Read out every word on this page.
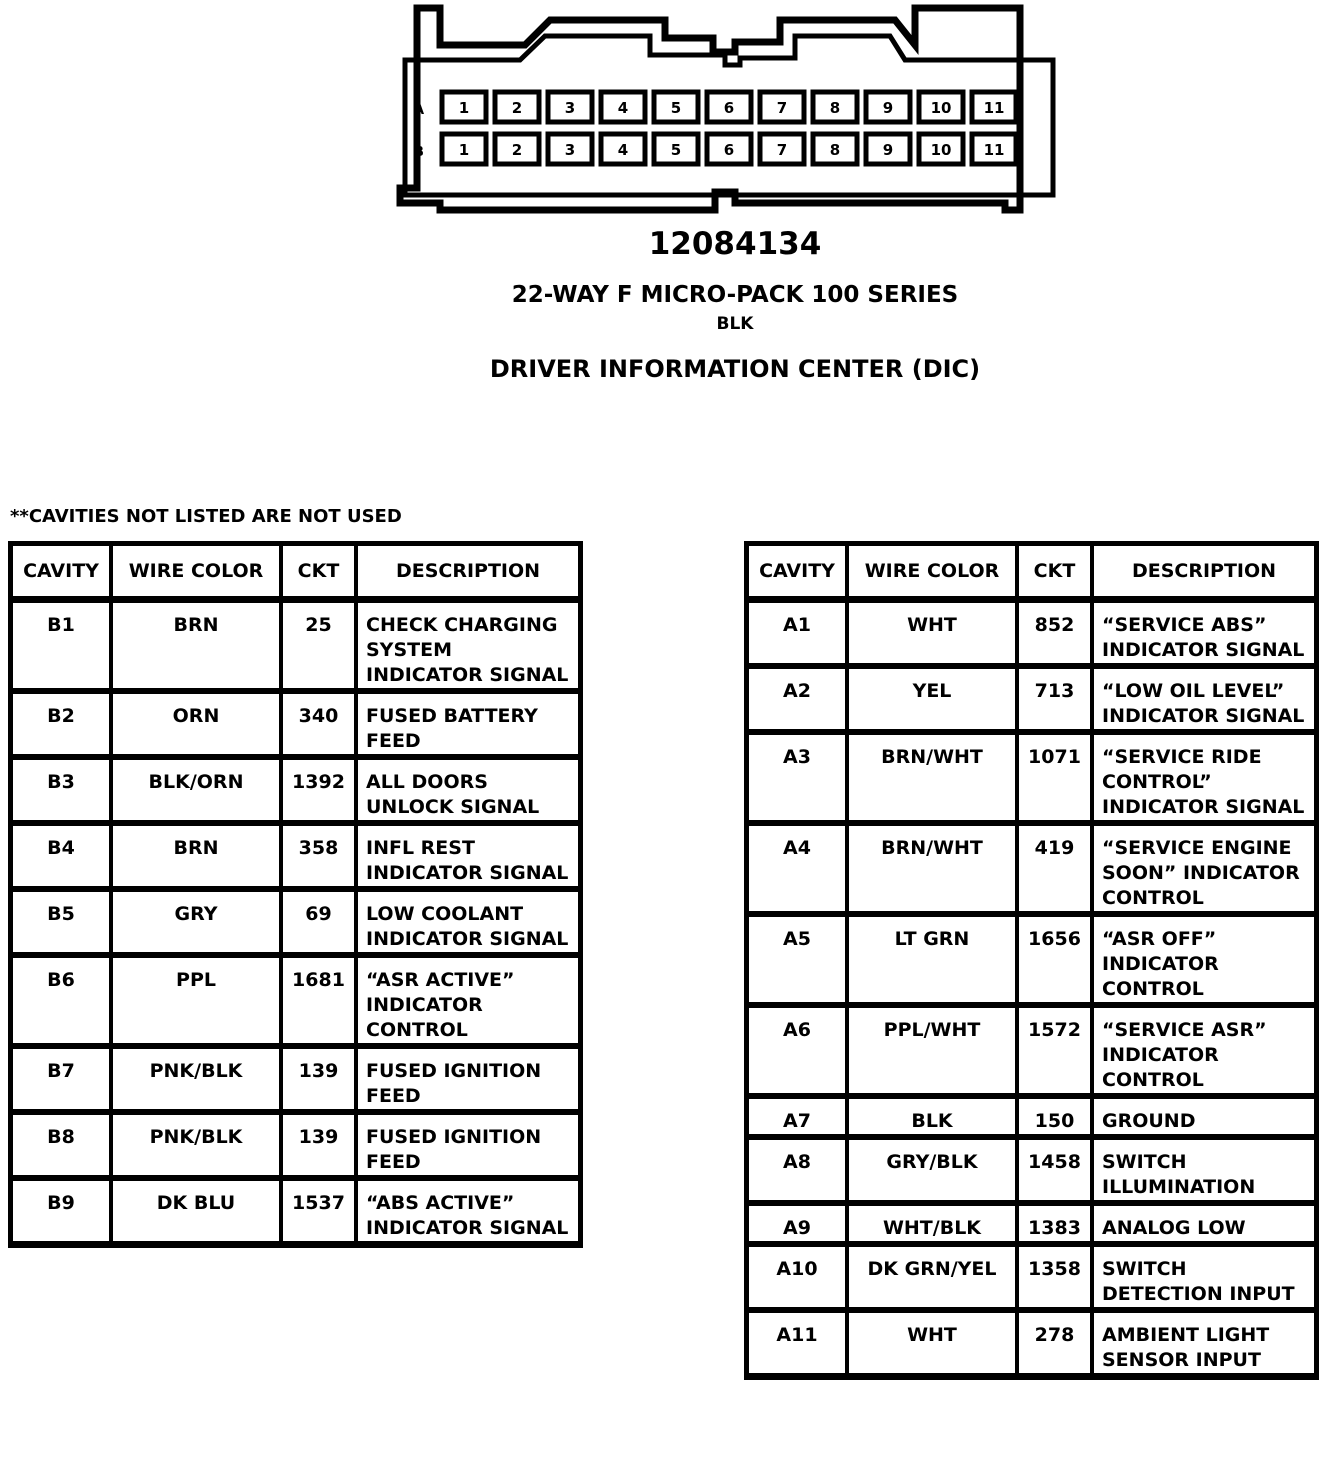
A 1	2	3	4	5	6	7	8	9 10 11
B 1	2	3	4	5	6	7	8	9 10 11
12084134
22-WAY F MICRO-PACK 100 SERIES
BLK
DRIVER INFORMATION CENTER (DIC)
**CAVITIES NOT LISTED ARE NOT USED
CAVITY	WIRE COLOR	CKT	DESCRIPTION
B1	BRN	25	CHECK CHARGING SYSTEM INDICATOR SIGNAL
B2	ORN	340	FUSED BATTERY FEED
B3	BLK/ORN	1392	ALL DOORS UNLOCK SIGNAL
B4	BRN	358	INFL REST INDICATOR SIGNAL
B5	GRY	69	LOW COOLANT INDICATOR SIGNAL
B6	PPL	1681	“ASR ACTIVE” INDICATOR CONTROL
B7	PNK/BLK	139	FUSED IGNITION FEED
B8	PNK/BLK	139	FUSED IGNITION FEED
B9	DK BLU	1537	“ABS ACTIVE” INDICATOR SIGNAL
CAVITY	WIRE COLOR	CKT	DESCRIPTION
A1	WHT	852	“SERVICE ABS” INDICATOR SIGNAL
A2	YEL	713	“LOW OIL LEVEL” INDICATOR SIGNAL
A3	BRN/WHT	1071	“SERVICE RIDE CONTROL” INDICATOR SIGNAL
A4	BRN/WHT	419	“SERVICE ENGINE SOON” INDICATOR CONTROL
A5	LT GRN	1656	“ASR OFF” INDICATOR CONTROL
A6	PPL/WHT	1572	“SERVICE ASR” INDICATOR CONTROL
A7	BLK	150	GROUND
A8	GRY/BLK	1458	SWITCH ILLUMINATION
A9	WHT/BLK	1383	ANALOG LOW
A10	DK GRN/YEL	1358	SWITCH DETECTION INPUT
A11	WHT	278	AMBIENT LIGHT SENSOR INPUT
